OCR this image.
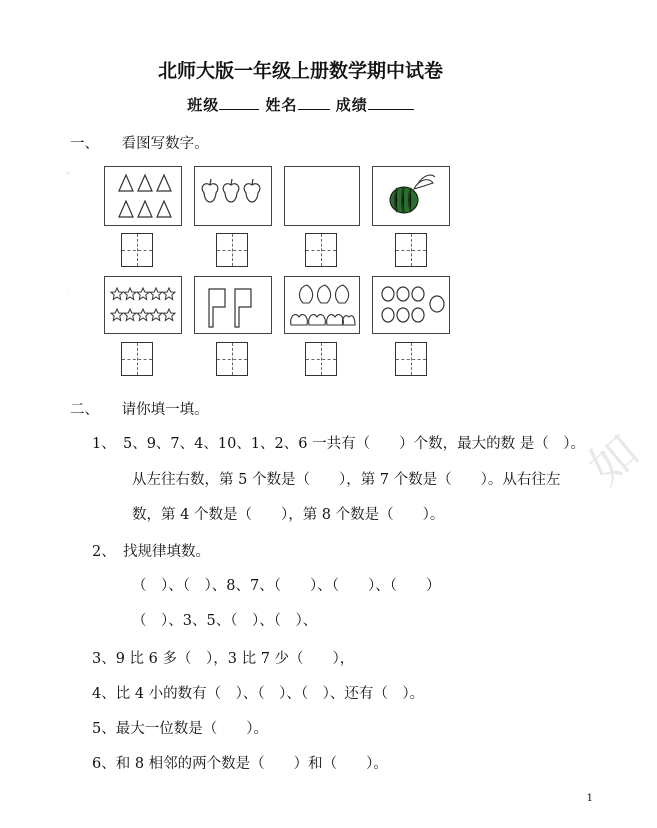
北师大版一年级上册数学期中试卷
班级	姓名	成绩
一、 看图写数字。
°
·
如
二、 请你填一填。
1、　5、9、7、4、10、1、2、6 一共有（　　）个数，最大的数 是（　）。
从左往右数，第 5 个数是（　　），第 7 个数是（　　）。从右往左
数，第 4 个数是（　　），第 8 个数是（　　）。
2、　找规律填数。
（　）、（　）、8、7、（　　）、（　　）、（　　）
（　）、3、5、（　）、（　）、
3、9 比 6 多（　），3 比 7 少（　　），
4、比 4 小的数有（　）、（　）、（　）、还有（　）。
5、最大一位数是（　　）。
6、和 8 相邻的两个数是（　　）和（　　）。
1
